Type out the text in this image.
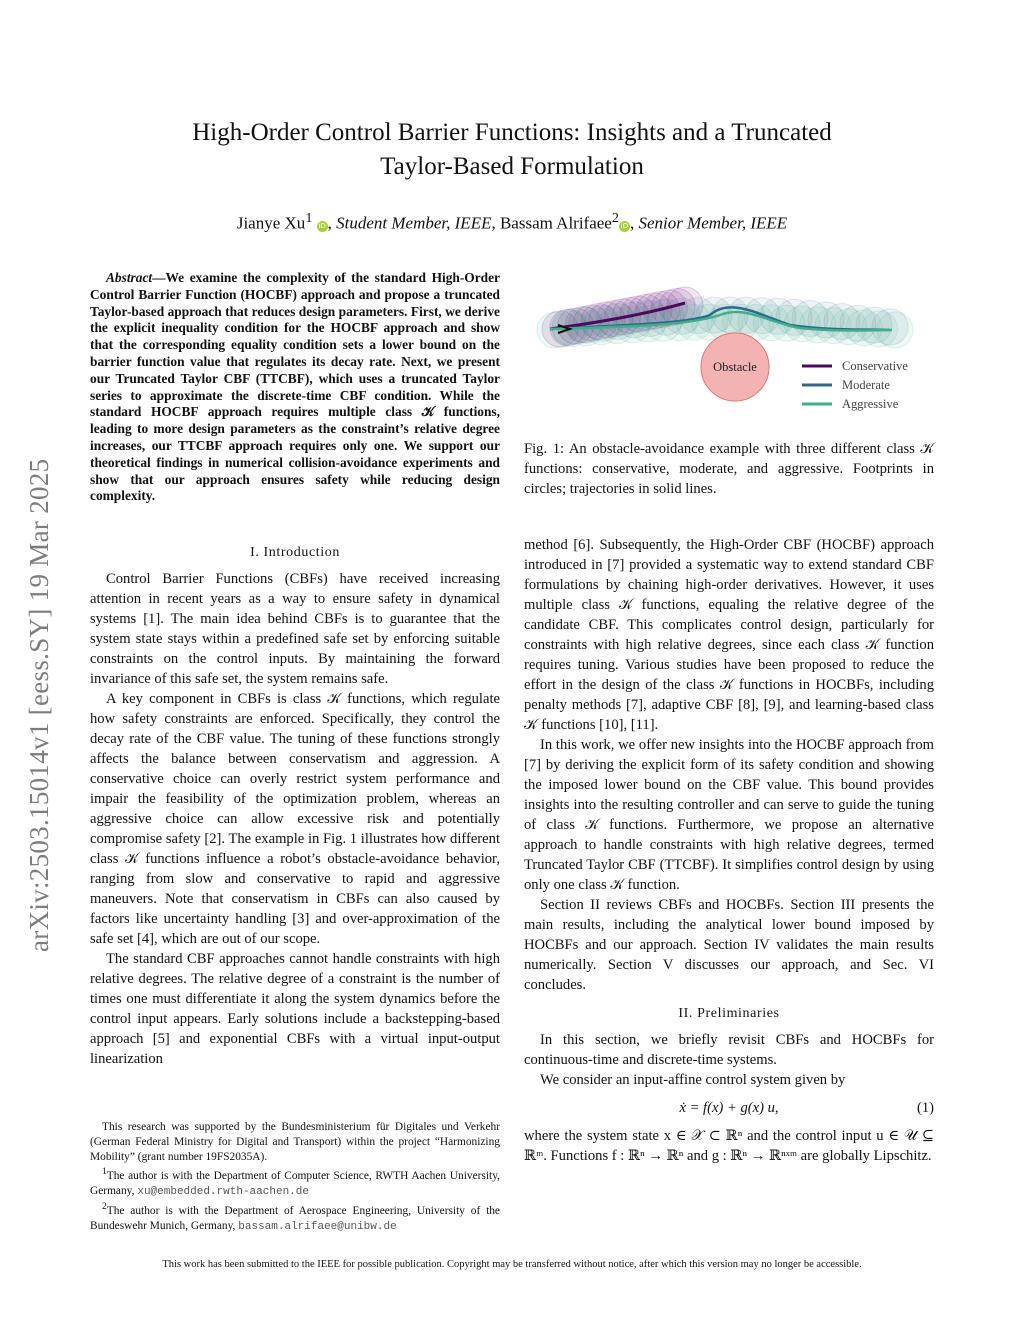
arXiv:2503.15014v1 [eess.SY] 19 Mar 2025
High-Order Control Barrier Functions: Insights and a Truncated
Taylor-Based Formulation
Jianye Xu$^1$ iD , Student Member, IEEE, Bassam Alrifaee$^2$ iD , Senior Member, IEEE
Abstract—We examine the complexity of the standard High-Order Control Barrier Function (HOCBF) approach and propose a truncated Taylor-based approach that reduces design parameters. First, we derive the explicit inequality condition for the HOCBF approach and show that the corresponding equality condition sets a lower bound on the barrier function value that regulates its decay rate. Next, we present our Truncated Taylor CBF (TTCBF), which uses a truncated Taylor series to approximate the discrete-time CBF condition. While the standard HOCBF approach requires multiple class 𝒦 functions, leading to more design parameters as the constraint’s relative degree increases, our TTCBF approach requires only one. We support our theoretical findings in numerical collision-avoidance experiments and show that our approach ensures safety while reducing design complexity.
I. Introduction

Control Barrier Functions (CBFs) have received increasing attention in recent years as a way to ensure safety in dynamical systems [1]. The main idea behind CBFs is to guarantee that the system state stays within a predefined safe set by enforcing suitable constraints on the control inputs. By maintaining the forward invariance of this safe set, the system remains safe.

A key component in CBFs is class 𝒦 functions, which regulate how safety constraints are enforced. Specifically, they control the decay rate of the CBF value. The tuning of these functions strongly affects the balance between conservatism and aggression. A conservative choice can overly restrict system performance and impair the feasibility of the optimization problem, whereas an aggressive choice can allow excessive risk and potentially compromise safety [2]. The example in Fig. 1 illustrates how different class 𝒦 functions influence a robot’s obstacle-avoidance behavior, ranging from slow and conservative to rapid and aggressive maneuvers. Note that conservatism in CBFs can also caused by factors like uncertainty handling [3] and over-approximation of the safe set [4], which are out of our scope.

The standard CBF approaches cannot handle constraints with high relative degrees. The relative degree of a constraint is the number of times one must differentiate it along the system dynamics before the control input appears. Early solutions include a backstepping-based approach [5] and exponential CBFs with a virtual input-output linearization

This research was supported by the Bundesministerium für Digitales und Verkehr (German Federal Ministry for Digital and Transport) within the project “Harmonizing Mobility” (grant number 19FS2035A).

$^1$The author is with the Department of Computer Science, RWTH Aachen University, Germany, xu@embedded.rwth-aachen.de

$^2$The author is with the Department of Aerospace Engineering, University of the Bundeswehr Munich, Germany, bassam.alrifaee@unibw.de

Obstacle	Conservative
Moderate
Aggressive
Fig. 1: An obstacle-avoidance example with three different class 𝒦 functions: conservative, moderate, and aggressive. Footprints in circles; trajectories in solid lines.

method [6]. Subsequently, the High-Order CBF (HOCBF) approach introduced in [7] provided a systematic way to extend standard CBF formulations by chaining high-order derivatives. However, it uses multiple class 𝒦 functions, equaling the relative degree of the candidate CBF. This complicates control design, particularly for constraints with high relative degrees, since each class 𝒦 function requires tuning. Various studies have been proposed to reduce the effort in the design of the class 𝒦 functions in HOCBFs, including penalty methods [7], adaptive CBF [8], [9], and learning-based class 𝒦 functions [10], [11].

In this work, we offer new insights into the HOCBF approach from [7] by deriving the explicit form of its safety condition and showing the imposed lower bound on the CBF value. This bound provides insights into the resulting controller and can serve to guide the tuning of class 𝒦 functions. Furthermore, we propose an alternative approach to handle constraints with high relative degrees, termed Truncated Taylor CBF (TTCBF). It simplifies control design by using only one class 𝒦 function.

Section II reviews CBFs and HOCBFs. Section III presents the main results, including the analytical lower bound imposed by HOCBFs and our approach. Section IV validates the main results numerically. Section V discusses our approach, and Sec. VI concludes.

II. Preliminaries

In this section, we briefly revisit CBFs and HOCBFs for continuous-time and discrete-time systems.

We consider an input-affine control system given by

ẋ = f(x) + g(x) u,	(1)

where the system state x ∈ 𝒳 ⊂ ℝⁿ and the control input u ∈ 𝒰 ⊆ ℝᵐ. Functions f : ℝⁿ → ℝⁿ and g : ℝⁿ → ℝⁿˣᵐ are globally Lipschitz.

This work has been submitted to the IEEE for possible publication. Copyright may be transferred without notice, after which this version may no longer be accessible.
